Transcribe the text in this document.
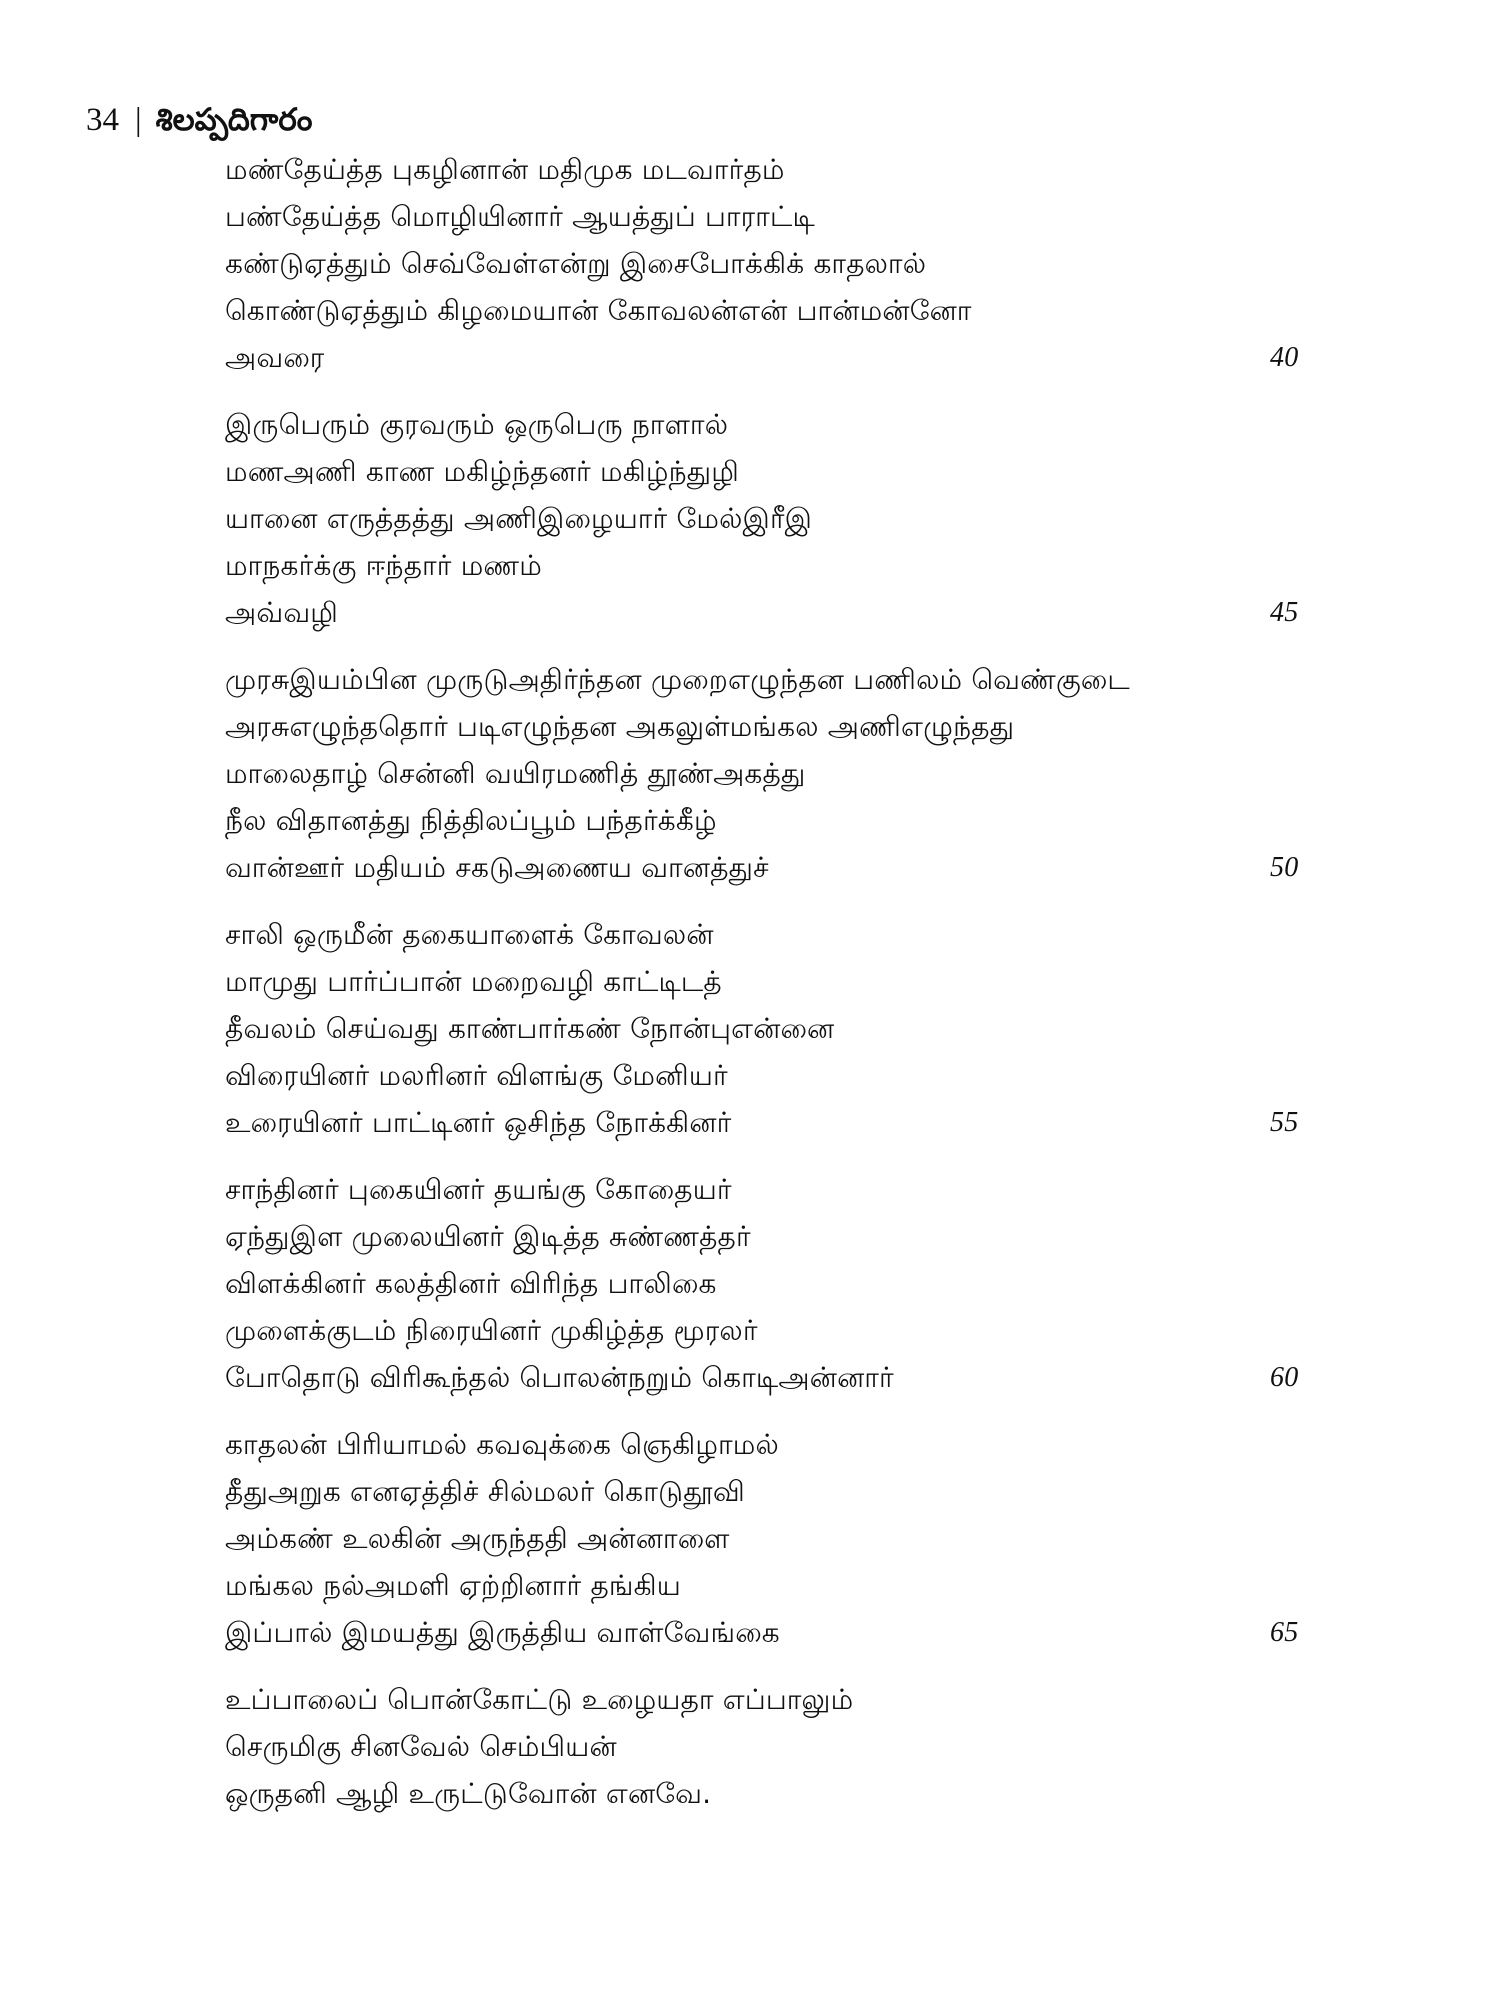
34 | శిలప్పదిగారం
மண்தேய்த்த புகழினான் மதிமுக மடவார்தம்
பண்தேய்த்த மொழியினார் ஆயத்துப் பாராட்டி
கண்டுஏத்தும் செவ்வேள்என்று இசைபோக்கிக் காதலால்
கொண்டுஏத்தும் கிழமையான் கோவலன்என் பான்மன்னோ
அவரை	40
இருபெரும் குரவரும் ஒருபெரு நாளால்
மணஅணி காண மகிழ்ந்தனர் மகிழ்ந்துழி
யானை எருத்தத்து அணிஇழையார் மேல்இரீஇ
மாநகர்க்கு ஈந்தார் மணம்
அவ்வழி	45
முரசுஇயம்பின முருடுஅதிர்ந்தன முறைஎழுந்தன பணிலம் வெண்குடை
அரசுஎழுந்ததொர் படிஎழுந்தன அகலுள்மங்கல அணிஎழுந்தது
மாலைதாழ் சென்னி வயிரமணித் தூண்அகத்து
நீல விதானத்து நித்திலப்பூம் பந்தர்க்கீழ்
வான்ஊர் மதியம் சகடுஅணைய வானத்துச்	50
சாலி ஒருமீன் தகையாளைக் கோவலன்
மாமுது பார்ப்பான் மறைவழி காட்டிடத்
தீவலம் செய்வது காண்பார்கண் நோன்புஎன்னை
விரையினர் மலரினர் விளங்கு மேனியர்
உரையினர் பாட்டினர் ஒசிந்த நோக்கினர்	55
சாந்தினர் புகையினர் தயங்கு கோதையர்
ஏந்துஇள முலையினர் இடித்த சுண்ணத்தர்
விளக்கினர் கலத்தினர் விரிந்த பாலிகை
முளைக்குடம் நிரையினர் முகிழ்த்த மூரலர்
போதொடு விரிகூந்தல் பொலன்நறும் கொடிஅன்னார்	60
காதலன் பிரியாமல் கவவுக்கை ஞெகிழாமல்
தீதுஅறுக எனஏத்திச் சில்மலர் கொடுதூவி
அம்கண் உலகின் அருந்ததி அன்னாளை
மங்கல நல்அமளி ஏற்றினார் தங்கிய
இப்பால் இமயத்து இருத்திய வாள்வேங்கை	65
உப்பாலைப் பொன்கோட்டு உழையதா எப்பாலும்
செருமிகு சினவேல் செம்பியன்
ஒருதனி ஆழி உருட்டுவோன் எனவே.
